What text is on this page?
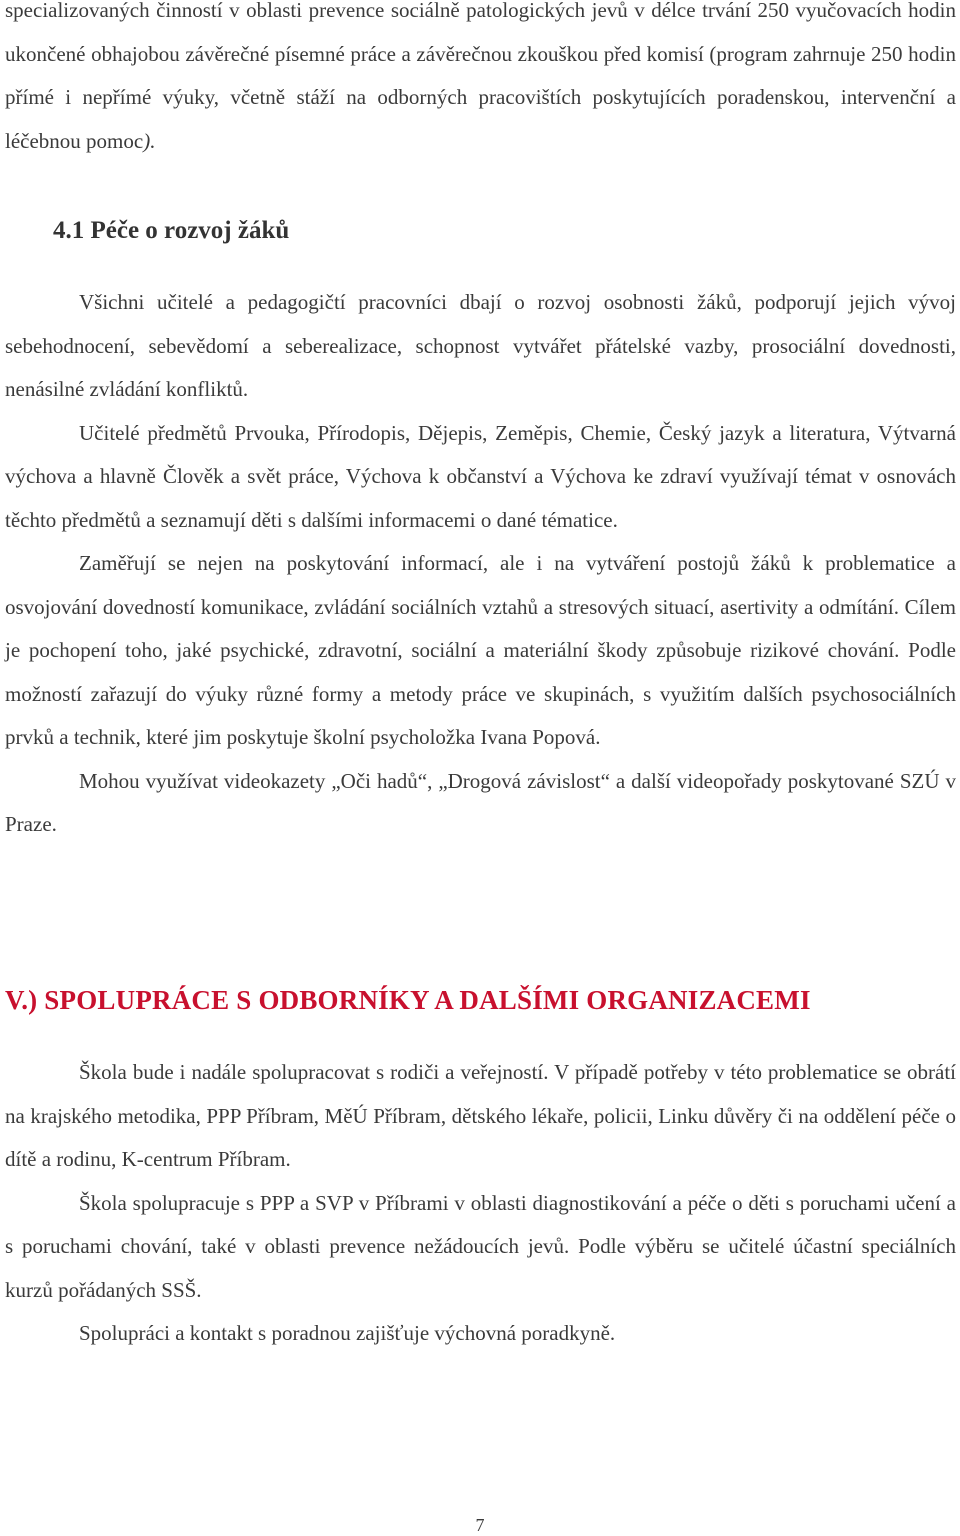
specializovaných činností v oblasti prevence sociálně patologických jevů v délce trvání 250 vyučovacích hodin ukončené obhajobou závěrečné písemné práce a závěrečnou zkouškou před komisí (program zahrnuje 250 hodin přímé i nepřímé výuky, včetně stáží na odborných pracovištích poskytujících poradenskou, intervenční a léčebnou pomoc).

4.1 Péče o rozvoj žáků

Všichni učitelé a pedagogičtí pracovníci dbají o rozvoj osobnosti žáků, podporují jejich vývoj sebehodnocení, sebevědomí a seberealizace, schopnost vytvářet přátelské vazby, prosociální dovednosti, nenásilné zvládání konfliktů.

Učitelé předmětů Prvouka, Přírodopis, Dějepis, Zeměpis, Chemie, Český jazyk a literatura, Výtvarná výchova a hlavně Člověk a svět práce, Výchova k občanství a Výchova ke zdraví využívají témat v osnovách těchto předmětů a seznamují děti s dalšími informacemi o dané tématice.

Zaměřují se nejen na poskytování informací, ale i na vytváření postojů žáků k problematice a osvojování dovedností komunikace, zvládání sociálních vztahů a stresových situací, asertivity a odmítání. Cílem je pochopení toho, jaké psychické, zdravotní, sociální a materiální škody způsobuje rizikové chování. Podle možností zařazují do výuky různé formy a metody práce ve skupinách, s využitím dalších psychosociálních prvků a technik, které jim poskytuje školní psycholožka Ivana Popová.

Mohou využívat videokazety „Oči hadů“, „Drogová závislost“ a další videopořady poskytované SZÚ v Praze.

V.) SPOLUPRÁCE S ODBORNÍKY A DALŠÍMI ORGANIZACEMI

Škola bude i nadále spolupracovat s rodiči a veřejností. V případě potřeby v této problematice se obrátí na krajského metodika, PPP Příbram, MěÚ Příbram, dětského lékaře, policii, Linku důvěry či na oddělení péče o dítě a rodinu, K-centrum Příbram.

Škola spolupracuje s PPP a SVP v Příbrami v oblasti diagnostikování a péče o děti s poruchami učení a s poruchami chování, také v oblasti prevence nežádoucích jevů. Podle výběru se učitelé účastní speciálních kurzů pořádaných SSŠ.

Spolupráci a kontakt s poradnou zajišťuje výchovná poradkyně.

7
